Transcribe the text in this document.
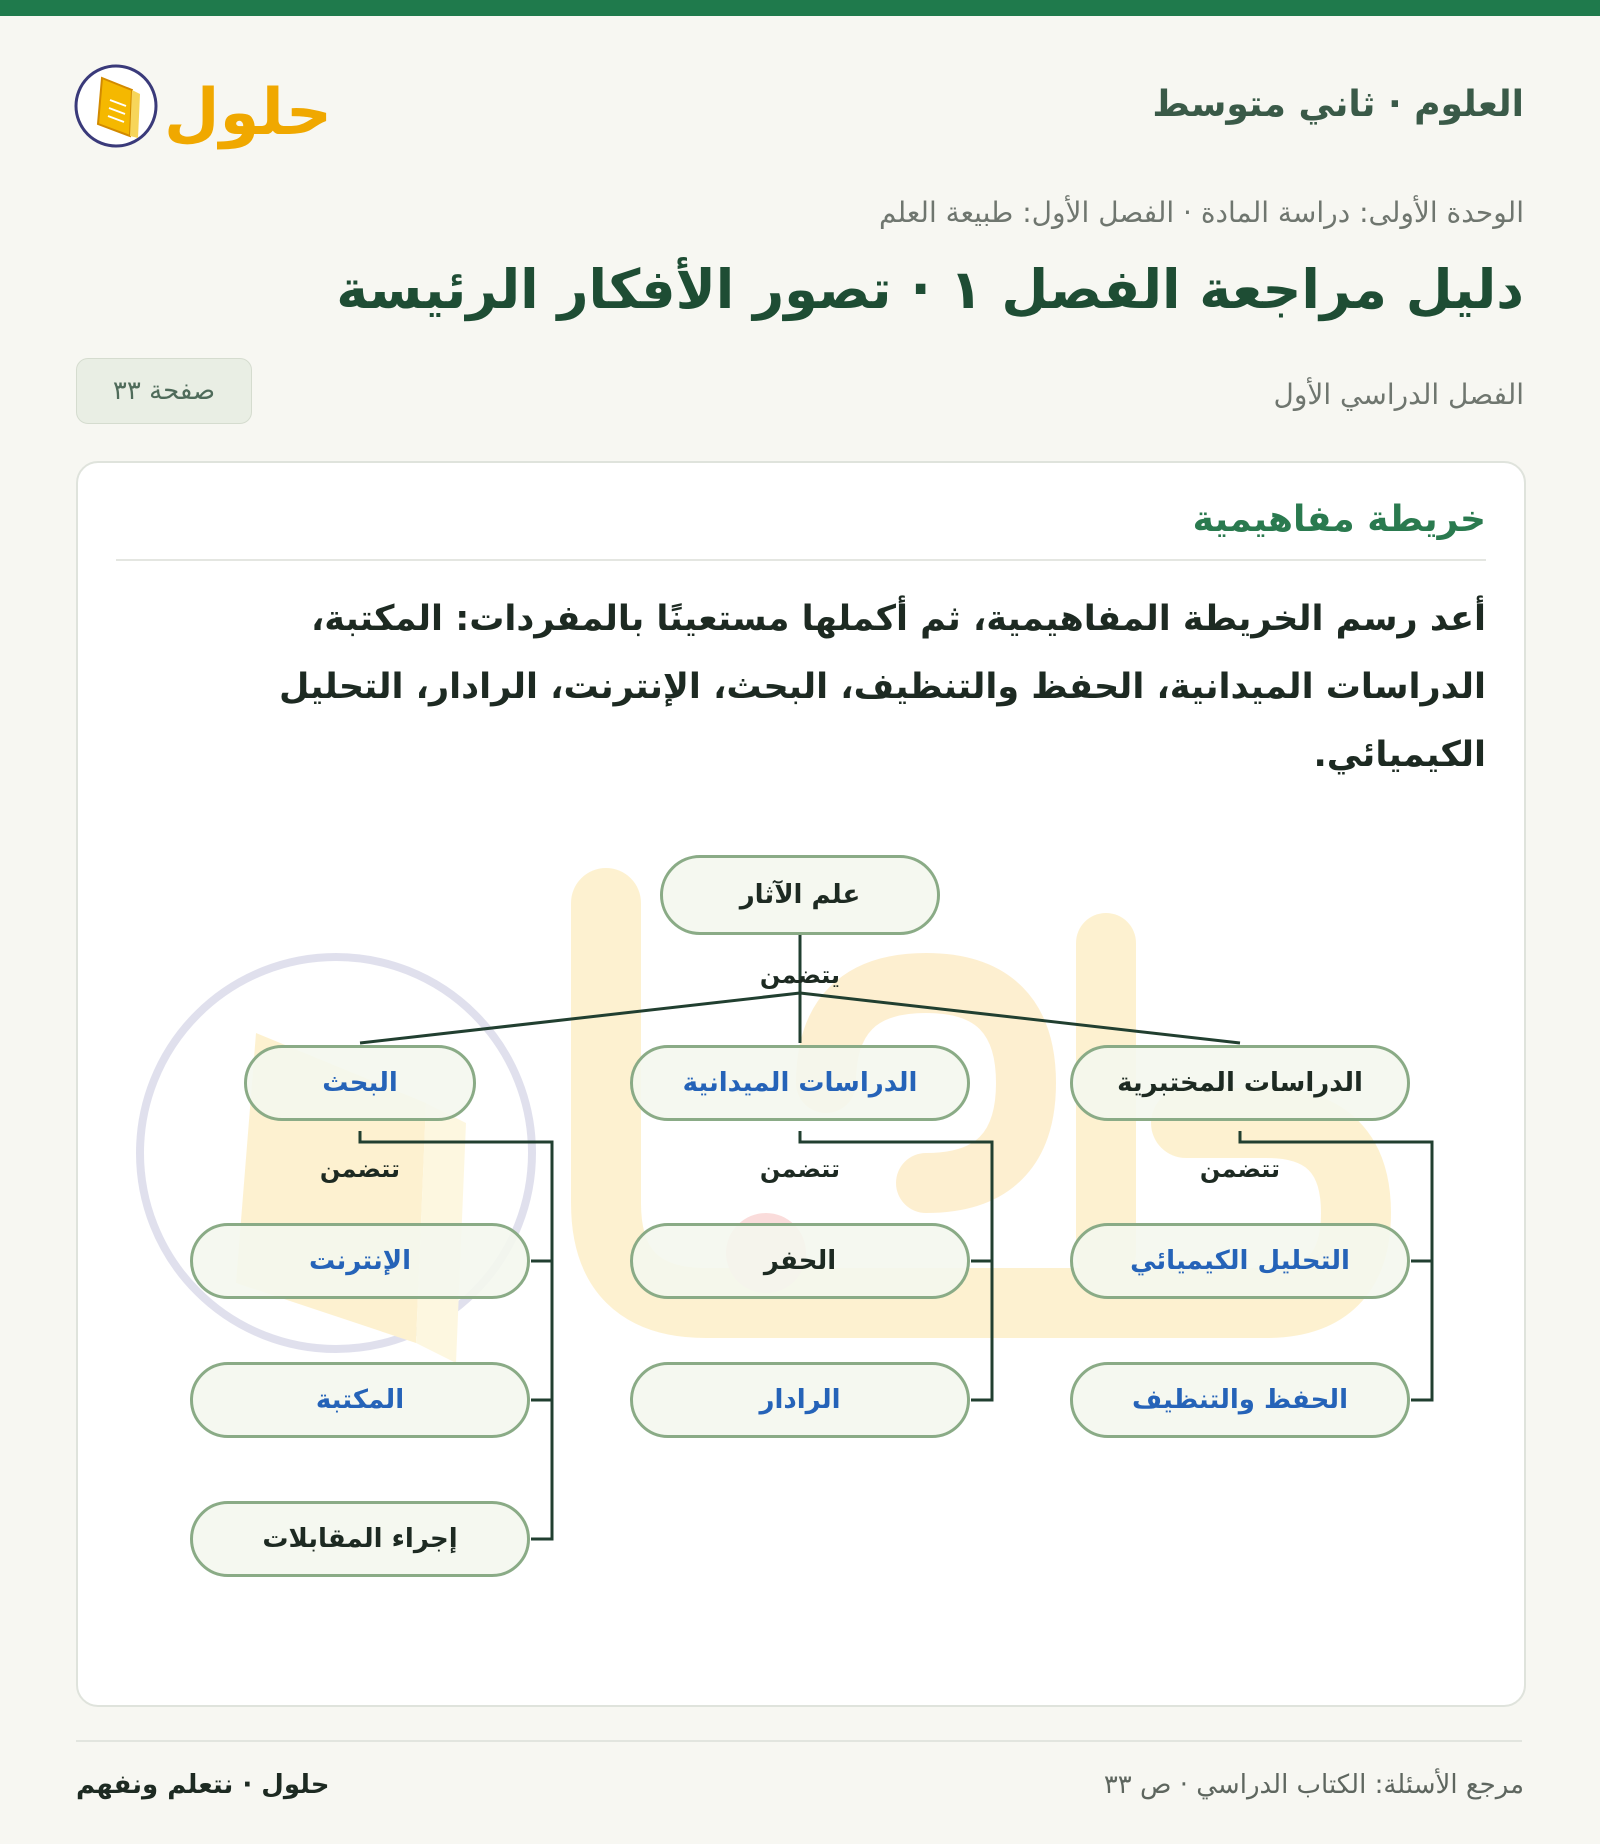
العلوم · ثاني متوسط
حلول
الوحدة الأولى: دراسة المادة · الفصل الأول: طبيعة العلم
دليل مراجعة الفصل ١ · تصور الأفكار الرئيسة
الفصل الدراسي الأول
صفحة ٣٣
خريطة مفاهيمية
أعد رسم الخريطة المفاهيمية، ثم أكملها مستعينًا بالمفردات: المكتبة، الدراسات الميدانية، الحفظ والتنظيف، البحث، الإنترنت، الرادار، التحليل الكيميائي.
علم الآثار
يتضمن
الدراسات المختبرية
تتضمن
التحليل الكيميائي
الحفظ والتنظيف
الدراسات الميدانية
تتضمن
الحفر
الرادار
البحث
تتضمن
الإنترنت
المكتبة
إجراء المقابلات
حلول · نتعلم ونفهم	مرجع الأسئلة: الكتاب الدراسي · ص ٣٣
